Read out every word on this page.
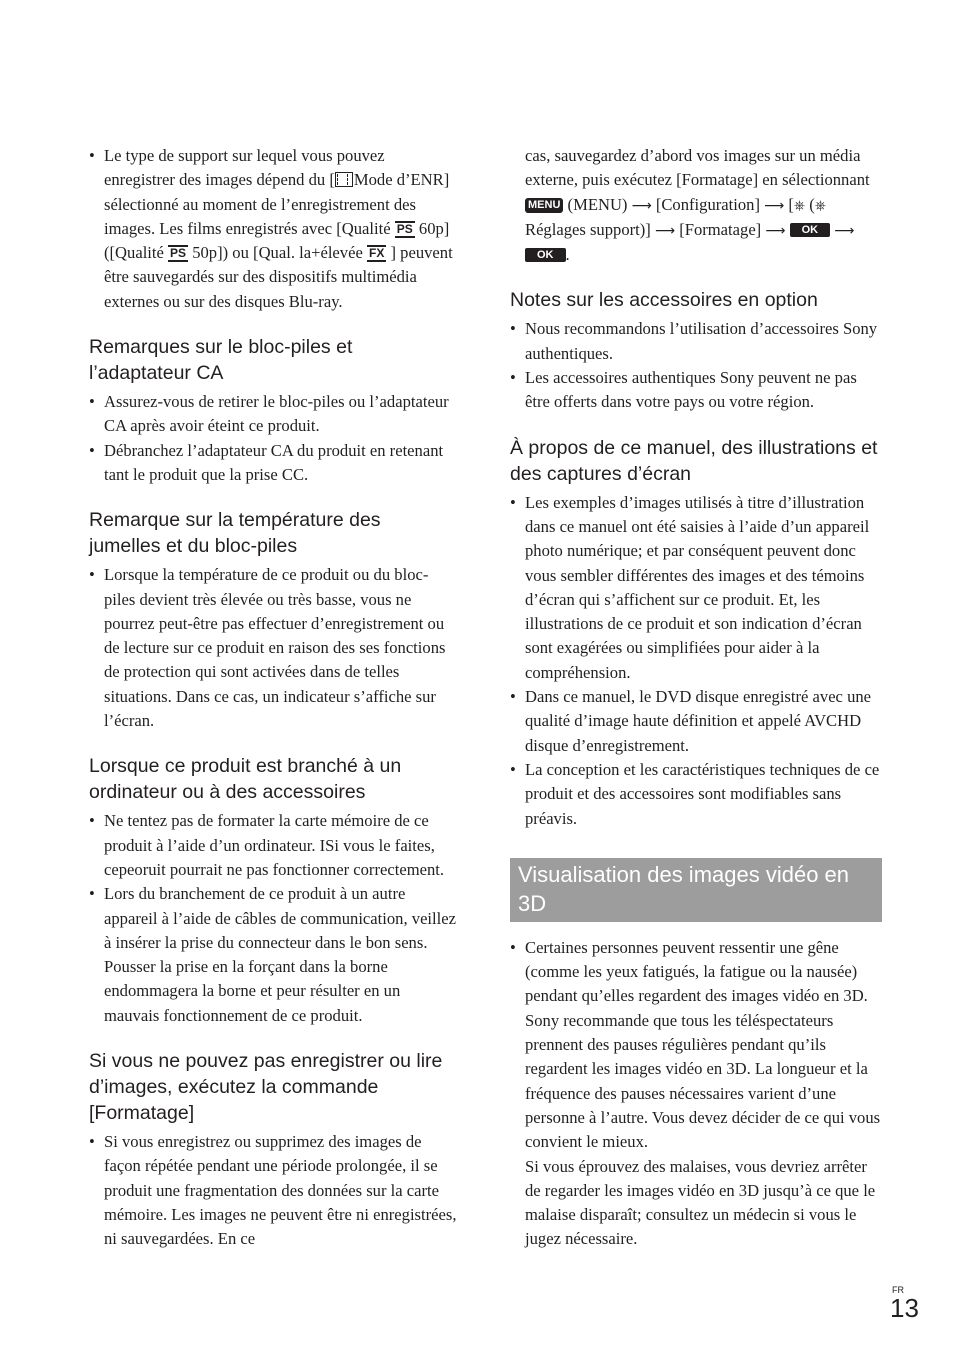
• Le type de support sur lequel vous pouvez enregistrer des images dépend du [ Mode d’ENR] sélectionné au moment de l’enregistrement des images. Les films enregistrés avec [Qualité PS 60p] ([Qualité PS 50p]) ou [Qual. la+élevée FX ] peuvent être sauvegardés sur des dispositifs multimédia externes ou sur des disques Blu-ray.

Remarques sur le bloc-piles et l’adaptateur CA

• Assurez-vous de retirer le bloc-piles ou l’adaptateur CA après avoir éteint ce produit.

• Débranchez l’adaptateur CA du produit en retenant tant le produit que la prise CC.

Remarque sur la température des jumelles et du bloc-piles

• Lorsque la température de ce produit ou du bloc-piles devient très élevée ou très basse, vous ne pourrez peut-être pas effectuer d’enregistrement ou de lecture sur ce produit en raison des ses fonctions de protection qui sont activées dans de telles situations. Dans ce cas, un indicateur s’affiche sur l’écran.

Lorsque ce produit est branché à un ordinateur ou à des accessoires

• Ne tentez pas de formater la carte mémoire de ce produit à l’aide d’un ordinateur. ISi vous le faites, cepeoruit pourrait ne pas fonctionner correctement.

• Lors du branchement de ce produit à un autre appareil à l’aide de câbles de communication, veillez à insérer la prise du connecteur dans le bon sens. Pousser la prise en la forçant dans la borne endommagera la borne et peur résulter en un mauvais fonctionnement de ce produit.

Si vous ne pouvez pas enregistrer ou lire d’images, exécutez la commande [Formatage]

• Si vous enregistrez ou supprimez des images de façon répétée pendant une période prolongée, il se produit une fragmentation des données sur la carte mémoire. Les images ne peuvent être ni enregistrées, ni sauvegardées. En ce

cas, sauvegardez d’abord vos images sur un média externe, puis exécutez [Formatage] en sélectionnant MENU (MENU) ⟶ [Configuration] ⟶ [⎈ (⎈ Réglages support)] ⟶ [Formatage] ⟶ OK ⟶ OK .

Notes sur les accessoires en option

• Nous recommandons l’utilisation d’accessoires Sony authentiques.

• Les accessoires authentiques Sony peuvent ne pas être offerts dans votre pays ou votre région.

À propos de ce manuel, des illustrations et des captures d’écran

• Les exemples d’images utilisés à titre d’illustration dans ce manuel ont été saisies à l’aide d’un appareil photo numérique; et par conséquent peuvent donc vous sembler différentes des images et des témoins d’écran qui s’affichent sur ce produit. Et, les illustrations de ce produit et son indication d’écran sont exagérées ou simplifiées pour aider à la compréhension.

• Dans ce manuel, le DVD disque enregistré avec une qualité d’image haute définition et appelé AVCHD disque d’enregistrement.

• La conception et les caractéristiques techniques de ce produit et des accessoires sont modifiables sans préavis.

Visualisation des images vidéo en 3D

• Certaines personnes peuvent ressentir une gêne (comme les yeux fatigués, la fatigue ou la nausée) pendant qu’elles regardent des images vidéo en 3D.

Sony recommande que tous les téléspectateurs prennent des pauses régulières pendant qu’ils regardent les images vidéo en 3D. La longueur et la fréquence des pauses nécessaires varient d’une personne à l’autre. Vous devez décider de ce qui vous convient le mieux.

Si vous éprouvez des malaises, vous devriez arrêter de regarder les images vidéo en 3D jusqu’à ce que le malaise disparaît; consultez un médecin si vous le jugez nécessaire.

FR
13
